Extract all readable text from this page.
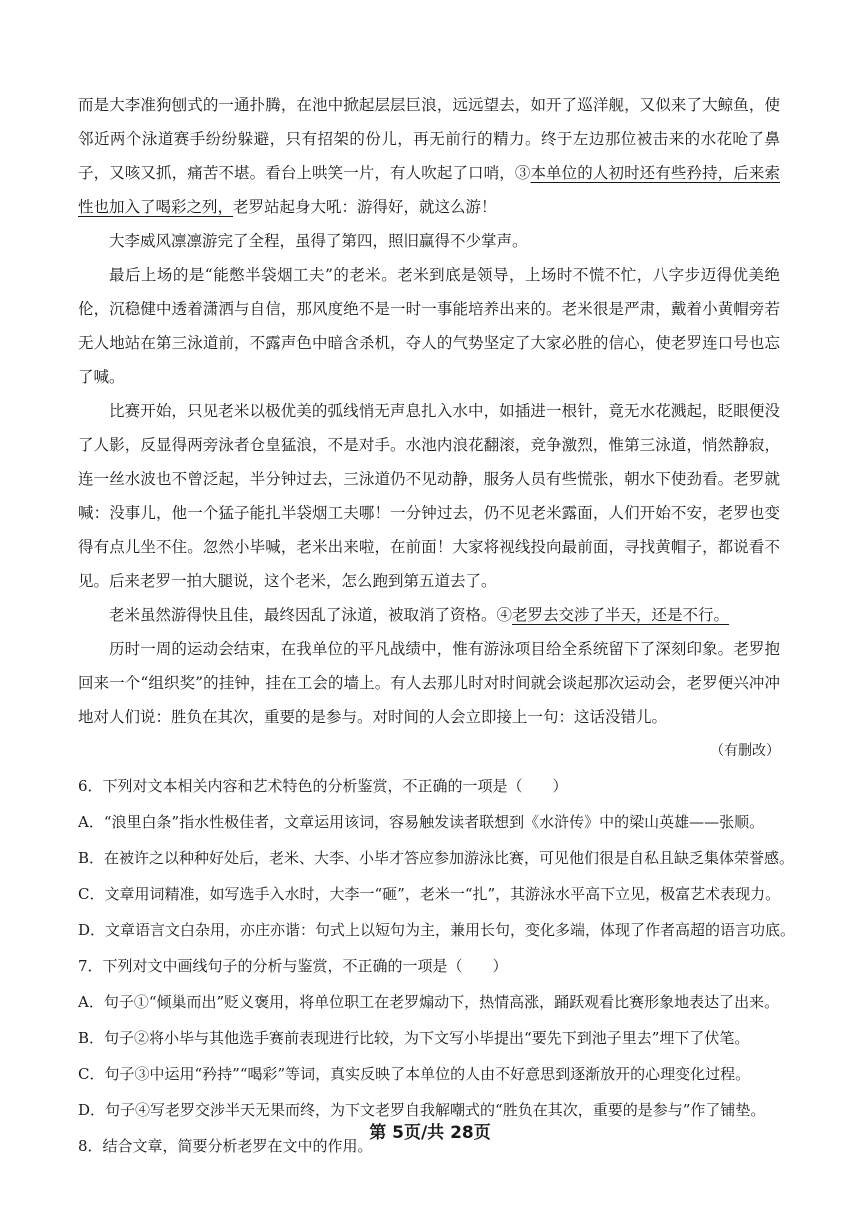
而是大李准狗刨式的一通扑腾，在池中掀起层层巨浪，远远望去，如开了巡洋舰，又似来了大鲸鱼，使邻近两个泳道赛手纷纷躲避，只有招架的份儿，再无前行的精力。终于左边那位被击来的水花呛了鼻子，又咳又抓，痛苦不堪。看台上哄笑一片，有人吹起了口哨，③本单位的人初时还有些矜持，后来索性也加入了喝彩之列，老罗站起身大吼：游得好，就这么游！

大李威风凛凛游完了全程，虽得了第四，照旧赢得不少掌声。

最后上场的是“能憋半袋烟工夫”的老米。老米到底是领导，上场时不慌不忙，八字步迈得优美绝伦，沉稳健中透着潇洒与自信，那风度绝不是一时一事能培养出来的。老米很是严肃，戴着小黄帽旁若无人地站在第三泳道前，不露声色中暗含杀机，夺人的气势坚定了大家必胜的信心，使老罗连口号也忘了喊。

比赛开始，只见老米以极优美的弧线悄无声息扎入水中，如插进一根针，竟无水花溅起，眨眼便没了人影，反显得两旁泳者仓皇猛浪，不是对手。水池内浪花翻滚，竞争激烈，惟第三泳道，悄然静寂，连一丝水波也不曾泛起，半分钟过去，三泳道仍不见动静，服务人员有些慌张，朝水下使劲看。老罗就喊：没事儿，他一个猛子能扎半袋烟工夫哪！一分钟过去，仍不见老米露面，人们开始不安，老罗也变得有点儿坐不住。忽然小毕喊，老米出来啦，在前面！大家将视线投向最前面，寻找黄帽子，都说看不见。后来老罗一拍大腿说，这个老米，怎么跑到第五道去了。

老米虽然游得快且佳，最终因乱了泳道，被取消了资格。④老罗去交涉了半天，还是不行。

历时一周的运动会结束，在我单位的平凡战绩中，惟有游泳项目给全系统留下了深刻印象。老罗抱回来一个“组织奖”的挂钟，挂在工会的墙上。有人去那儿时对时间就会谈起那次运动会，老罗便兴冲冲地对人们说：胜负在其次，重要的是参与。对时间的人会立即接上一句：这话没错儿。

（有删改）

6．下列对文本相关内容和艺术特色的分析鉴赏，不正确的一项是（　　）

A．“浪里白条”指水性极佳者，文章运用该词，容易触发读者联想到《水浒传》中的梁山英雄——张顺。

B．在被许之以种种好处后，老米、大李、小毕才答应参加游泳比赛，可见他们很是自私且缺乏集体荣誉感。

C．文章用词精准，如写选手入水时，大李一“砸”，老米一“扎”，其游泳水平高下立见，极富艺术表现力。

D．文章语言文白杂用，亦庄亦谐：句式上以短句为主，兼用长句，变化多端，体现了作者高超的语言功底。

7．下列对文中画线句子的分析与鉴赏，不正确的一项是（　　）

A．句子①“倾巢而出”贬义褒用，将单位职工在老罗煽动下，热情高涨，踊跃观看比赛形象地表达了出来。

B．句子②将小毕与其他选手赛前表现进行比较，为下文写小毕提出“要先下到池子里去”埋下了伏笔。

C．句子③中运用“矜持”“喝彩”等词，真实反映了本单位的人由不好意思到逐渐放开的心理变化过程。

D．句子④写老罗交涉半天无果而终，为下文老罗自我解嘲式的“胜负在其次，重要的是参与”作了铺垫。

8．结合文章，简要分析老罗在文中的作用。

第 5页/共 28页
